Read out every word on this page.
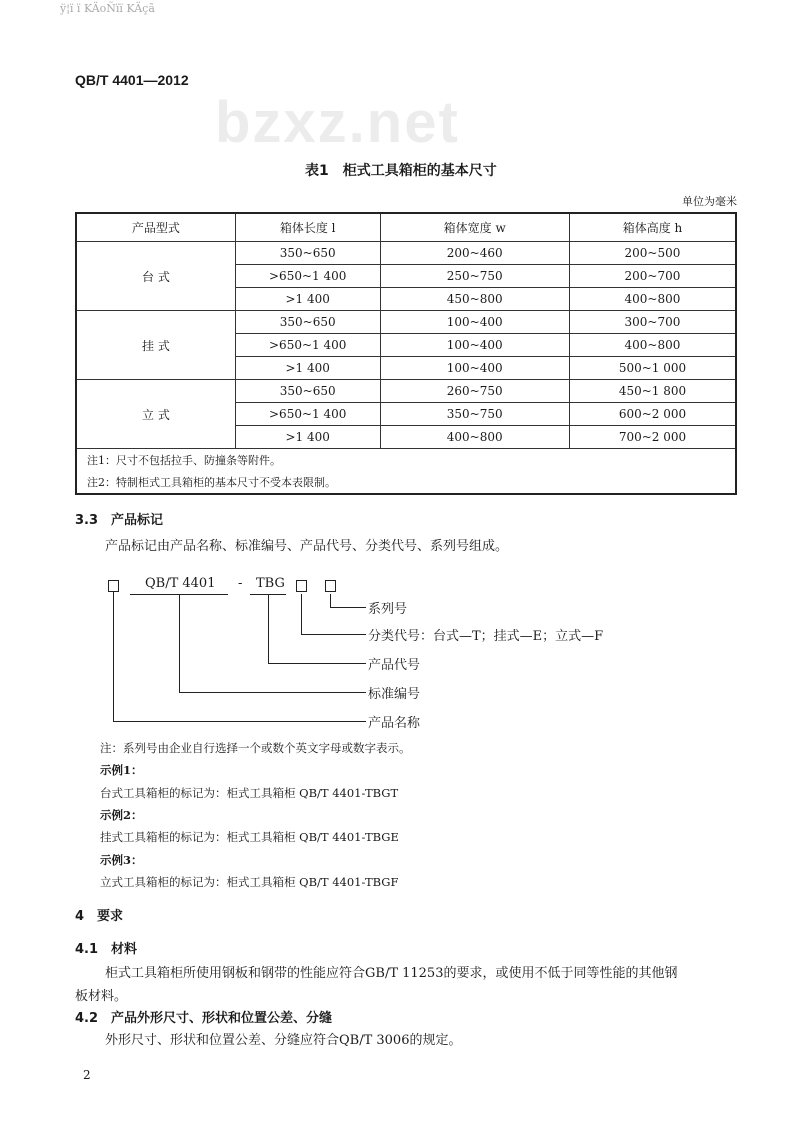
ÿ¦ï ï KÄoÑïï KÄçã
QB/T 4401—2012
bzxz.net
表1　柜式工具箱柜的基本尺寸
单位为毫米
产品型式	箱体长度 l	箱体宽度 w	箱体高度 h
台 式	350~650	200~460	200~500
	>650~1 400	250~750	200~700
	>1 400	450~800	400~800
挂 式	350~650	100~400	300~700
	>650~1 400	100~400	400~800
	>1 400	100~400	500~1 000
立 式	350~650	260~750	450~1 800
	>650~1 400	350~750	600~2 000
	>1 400	400~800	700~2 000
注1：尺寸不包括拉手、防撞条等附件。			
注2：特制柜式工具箱柜的基本尺寸不受本表限制。			
3.3　产品标记
产品标记由产品名称、标准编号、产品代号、分类代号、系列号组成。
QB/T 4401 - TBG
系列号
分类代号：台式—T；挂式—E；立式—F
产品代号
标准编号
产品名称
注：系列号由企业自行选择一个或数个英文字母或数字表示。
示例1：
台式工具箱柜的标记为：柜式工具箱柜 QB/T 4401-TBGT
示例2：
挂式工具箱柜的标记为：柜式工具箱柜 QB/T 4401-TBGE
示例3：
立式工具箱柜的标记为：柜式工具箱柜 QB/T 4401-TBGF
4　要求
4.1　材料
柜式工具箱柜所使用钢板和钢带的性能应符合GB/T 11253的要求，或使用不低于同等性能的其他钢
板材料。
4.2　产品外形尺寸、形状和位置公差、分缝
外形尺寸、形状和位置公差、分缝应符合QB/T 3006的规定。
2
